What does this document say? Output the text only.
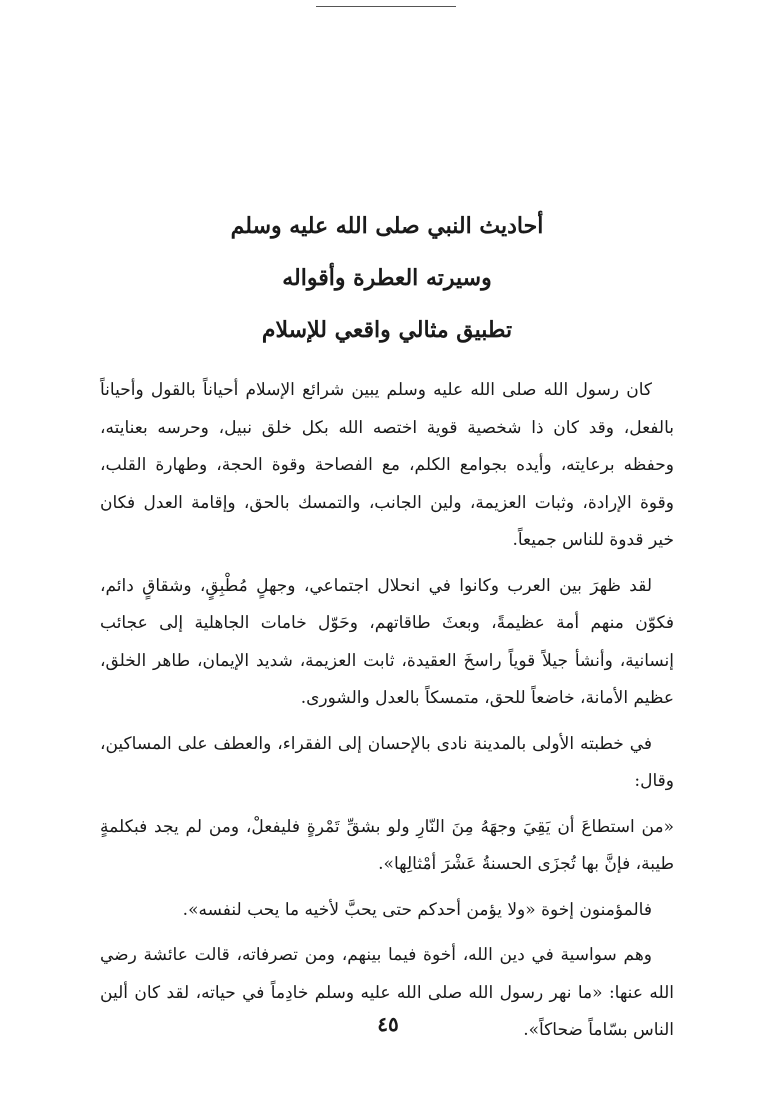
أحاديث النبي صلى الله عليه وسلم

وسيرته العطرة وأقواله

تطبيق مثالي واقعي للإسلام

كان رسول الله صلى الله عليه وسلم يبين شرائع الإسلام أحياناً بالقول وأحياناً بالفعل، وقد كان ذا شخصية قوية اختصه الله بكل خلق نبيل، وحرسه بعنايته، وحفظه برعايته، وأيده بجوامع الكلم، مع الفصاحة وقوة الحجة، وطهارة القلب، وقوة الإرادة، وثبات العزيمة، ولين الجانب، والتمسك بالحق، وإقامة العدل فكان خير قدوة للناس جميعاً.

لقد ظهرَ بين العرب وكانوا في انحلال اجتماعي، وجهلٍ مُطْبِقٍ، وشقاقٍ دائم، فكوّن منهم أمة عظيمةً، وبعثَ طاقاتهم، وحَوّل خامات الجاهلية إلى عجائب إنسانية، وأنشأ جيلاً قوياً راسخَ العقيدة، ثابت العزيمة، شديد الإيمان، طاهر الخلق، عظيم الأمانة، خاضعاً للحق، متمسكاً بالعدل والشورى.

في خطبته الأولى بالمدينة نادى بالإحسان إلى الفقراء، والعطف على المساكين، وقال:

«من استطاعَ أن يَقِيَ وجهَهُ مِنَ النّارِ ولو بشقِّ تَمْرةٍ فليفعلْ، ومن لم يجد فبكلمةٍ طيبة، فإنَّ بها تُجزَى الحسنةُ عَشْرَ أمْثالِها».

فالمؤمنون إخوة «ولا يؤمن أحدكم حتى يحبَّ لأخيه ما يحب لنفسه».

وهم سواسية في دين الله، أخوة فيما بينهم، ومن تصرفاته، قالت عائشة رضي الله عنها: «ما نهر رسول الله صلى الله عليه وسلم خادِماً في حياته، لقد كان ألين الناس بسّاماً ضحاكاً».

٤٥
